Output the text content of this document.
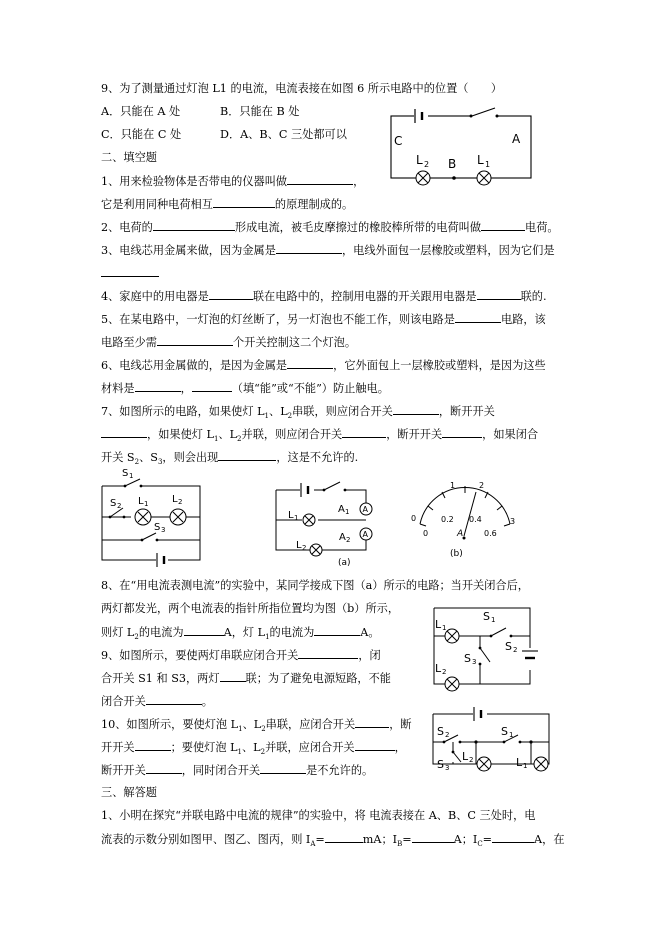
9、为了测量通过灯泡 L1 的电流，电流表接在如图 6 所示电路中的位置（　　）
A．只能在 A 处	B．只能在 B 处
C．只能在 C 处	D．A、B、C 三处都可以	C	A
B
L 2	L 1
二、填空题
1、用来检验物体是否带电的仪器叫做	，
它是利用同种电荷相互	的原理制成的。
2、电荷的	形成电流，被毛皮摩擦过的橡胶棒所带的电荷叫做	电荷。
3、电线芯用金属来做，因为金属是	，电线外面包一层橡胶或塑料，因为它们是
4、家庭中的用电器是	联在电路中的，控制用电器的开关跟用电器是	联的.
5、在某电路中，一灯泡的灯丝断了，另一灯泡也不能工作，则该电路是	电路，该
电路至少需	个开关控制这二个灯泡。
6、电线芯用金属做的，是因为金属是	，它外面包上一层橡胶或塑料，是因为这些
材料是	，	（填“能”或“不能”）防止触电。
7、如图所示的电路，如果使灯 $L_1$、$L_2$串联，则应闭合开关	，断开开关
，如果使灯 $L_1$、$L_2$并联，则应闭合开关	，断开开关	，如果闭合
开关 $S_2$、$S_3$，则会出现	，这是不允许的.
S 1
S 2
S 3
L 1 L 2
A
A
L 1
L 2
A 1
A 2
(a)
0	0.2 0.4
0	0.6
1	2
3
A
(b)
8、在“用电流表测电流”的实验中，某同学接成下图（a）所示的电路；当开关闭合后，
两灯都发光，两个电流表的指针所指位置均为图（b）所示，
则灯 $L_2$的电流为	A，灯 $L_1$的电流为	A。
L 1
L 2
S 1
S 2
S 3
9、如图所示，要使两灯串联应闭合开关	，闭
合开关 S1 和 S3，两灯 联；为了避免电源短路，不能
闭合开关	。
S 2	S 1
S 3
L 2	L 1
10、如图所示，要使灯泡 $L_1$、$L_2$串联，应闭合开关	，断
开开关	；要使灯泡 $L_1$、$L_2$并联，应闭合开关	，
断开开关	，同时闭合开关	是不允许的。
三、解答题
1、小明在探究“并联电路中电流的规律”的实验中，将 电流表接在 A、B、C 三处时，电
流表的示数分别如图甲、图乙、图丙，则 $I_A=$	mA；$I_B=$	A；$I_C=$	A，在
